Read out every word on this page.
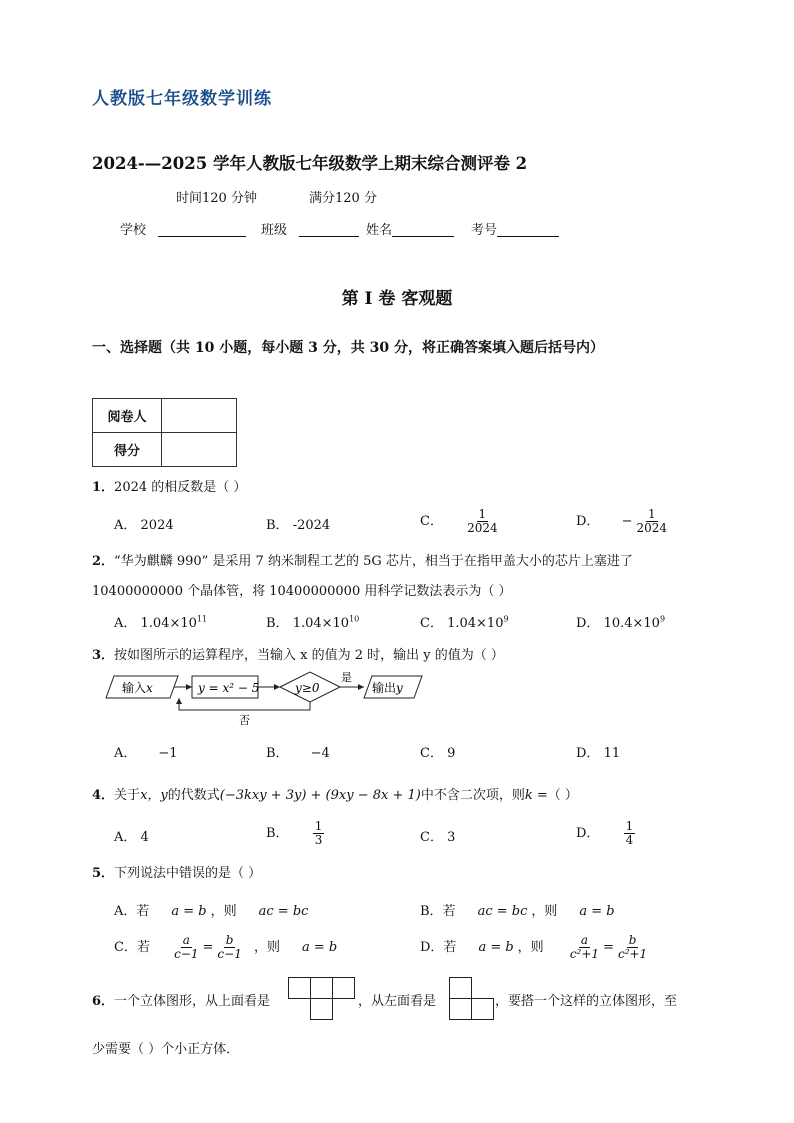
人教版七年级数学训练
2024-—2025 学年人教版七年级数学上期末综合测评卷 2
时间120 分钟	满分120 分
学校	班级	姓名	考号
第 I 卷 客观题
一、选择题（共 10 小题，每小题 3 分，共 30 分，将正确答案填入题后括号内）
阅卷人	
得分	
1．2024 的相反数是（ ）
A． 2024	B． -2024	C． $\frac{1}{2024}$	D． − $\frac{1}{2024}$
2．“华为麒麟 990” 是采用 7 纳米制程工艺的 5G 芯片，相当于在指甲盖大小的芯片上塞进了
10400000000 个晶体管，将 10400000000 用科学记数法表示为（ ）
A． $1.04\times 10^{11}$	B． $1.04\times 10^{10}$	C． $1.04\times 10^9$	D． $10.4\times 10^9$
3．按如图所示的运算程序，当输入 x 的值为 2 时，输出 y 的值为（ ）
输入x	y = x² − 5	y≥0
是
输出y
否
A． −1	B． −4	C． 9	D． 11
4．关于x，y的代数式(−3kxy + 3y) + (9xy − 8x + 1)中不含二次项，则k =（ ）
A． 4	B． $\frac{1}{3}$	C． 3	D． $\frac{1}{4}$
5．下列说法中错误的是（ ）
A．若 a = b ，则 ac = bc	B．若 ac = bc ，则 a = b
C．若 $\frac{a}{c-1} = \frac{b}{c-1}$ ，则 a = b	D．若 a = b ，则 $\frac{a}{\text{c²+1}} = \frac{b}{\text{c²+1}}$
6．一个立体图形，从上面看是	，从左面看是	，要搭一个这样的立体图形，至
少需要（ ）个小正方体．
